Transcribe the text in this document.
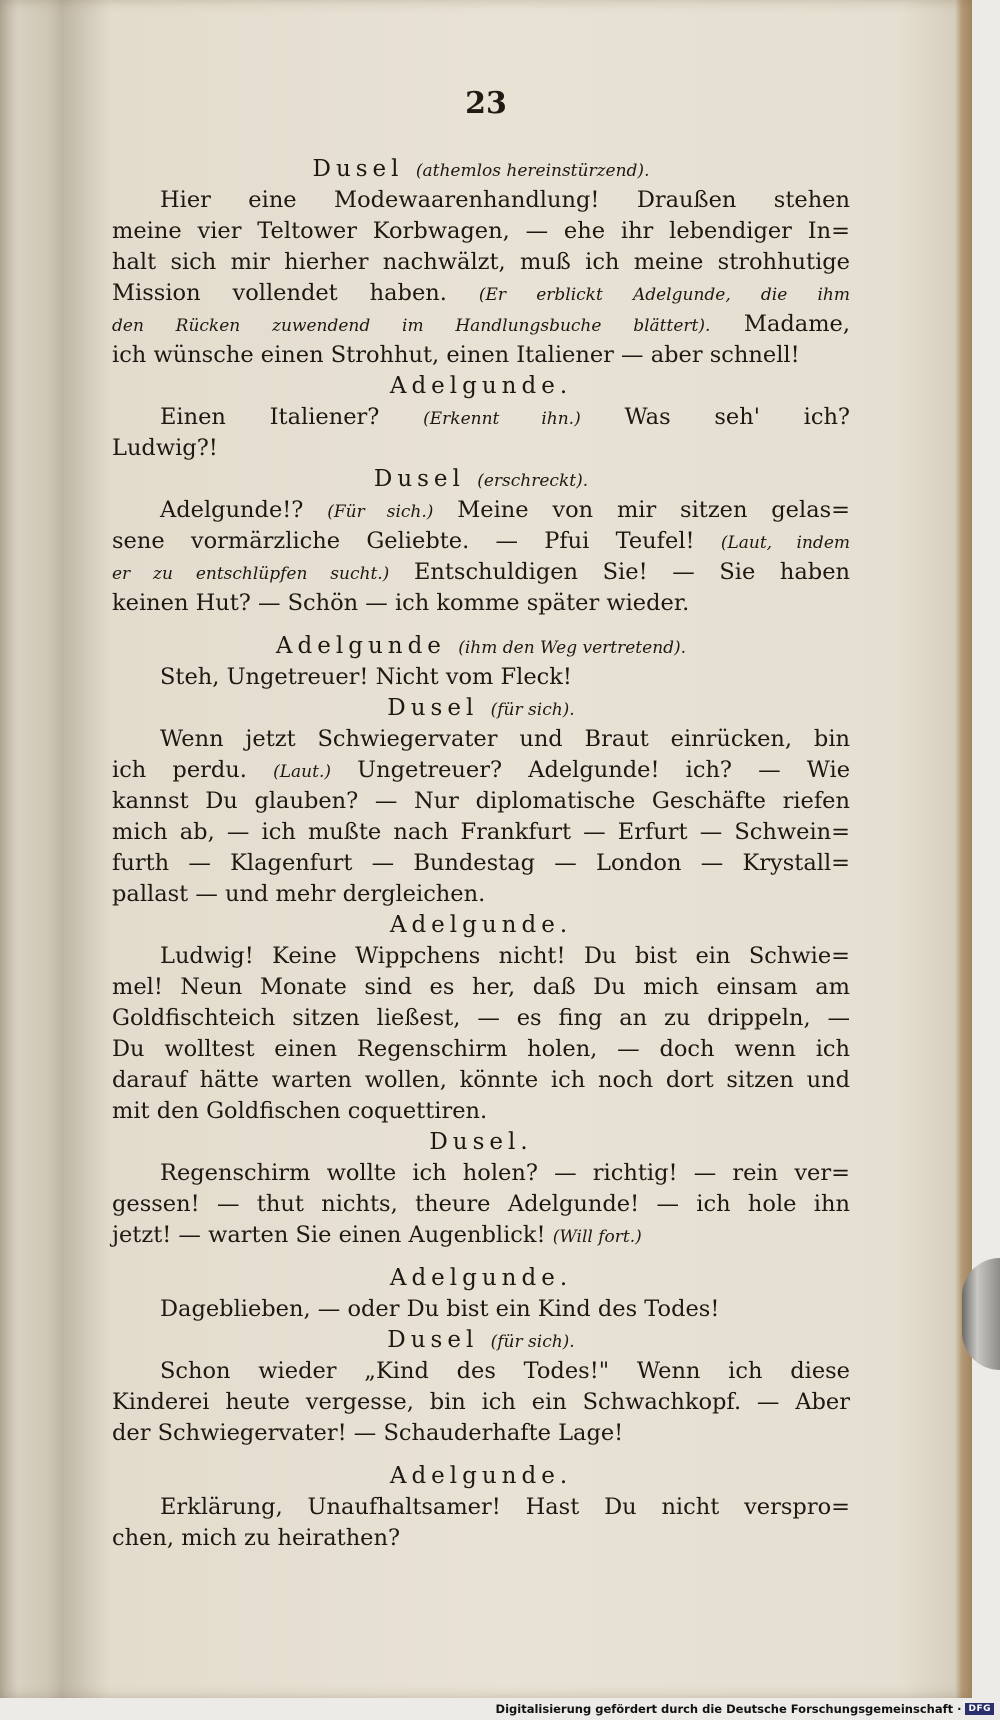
23
Dusel (athemlos hereinstürzend).
Hier eine Modewaarenhandlung! Draußen stehen
meine vier Teltower Korbwagen, — ehe ihr lebendiger In=
halt sich mir hierher nachwälzt, muß ich meine strohhutige
Mission vollendet haben. (Er erblickt Adelgunde, die ihm
den Rücken zuwendend im Handlungsbuche blättert). Madame,
ich wünsche einen Strohhut, einen Italiener — aber schnell!
Adelgunde.
Einen Italiener?	(Erkennt ihn.) Was seh' ich?
Ludwig?!
Dusel (erschreckt).
Adelgunde!? (Für sich.) Meine von mir sitzen gelas=
sene vormärzliche Geliebte. — Pfui Teufel! (Laut, indem
er zu entschlüpfen sucht.) Entschuldigen Sie! — Sie haben
keinen Hut? — Schön — ich komme später wieder.
Adelgunde (ihm den Weg vertretend).
Steh, Ungetreuer! Nicht vom Fleck!
Dusel (für sich).
Wenn jetzt Schwiegervater und Braut einrücken, bin
ich perdu. (Laut.) Ungetreuer? Adelgunde! ich? — Wie
kannst Du glauben? — Nur diplomatische Geschäfte riefen
mich ab, — ich mußte nach Frankfurt — Erfurt — Schwein=
furth — Klagenfurt — Bundestag — London — Krystall=
pallast — und mehr dergleichen.
Adelgunde.
Ludwig! Keine Wippchens nicht! Du bist ein Schwie=
mel! Neun Monate sind es her, daß Du mich einsam am
Goldfischteich sitzen ließest, — es fing an zu drippeln, —
Du wolltest einen Regenschirm holen, — doch wenn ich
darauf hätte warten wollen, könnte ich noch dort sitzen und
mit den Goldfischen coquettiren.
Dusel.
Regenschirm wollte ich holen? — richtig! — rein ver=
gessen! — thut nichts, theure Adelgunde! — ich hole ihn
jetzt! — warten Sie einen Augenblick! (Will fort.)
Adelgunde.
Dageblieben, — oder Du bist ein Kind des Todes!
Dusel (für sich).
Schon wieder „Kind des Todes!" Wenn ich diese
Kinderei heute vergesse, bin ich ein Schwachkopf. — Aber
der Schwiegervater! — Schauderhafte Lage!
Adelgunde.
Erklärung, Unaufhaltsamer! Hast Du nicht verspro=
chen, mich zu heirathen?
Digitalisierung gefördert durch die Deutsche Forschungsgemeinschaft · DFG
